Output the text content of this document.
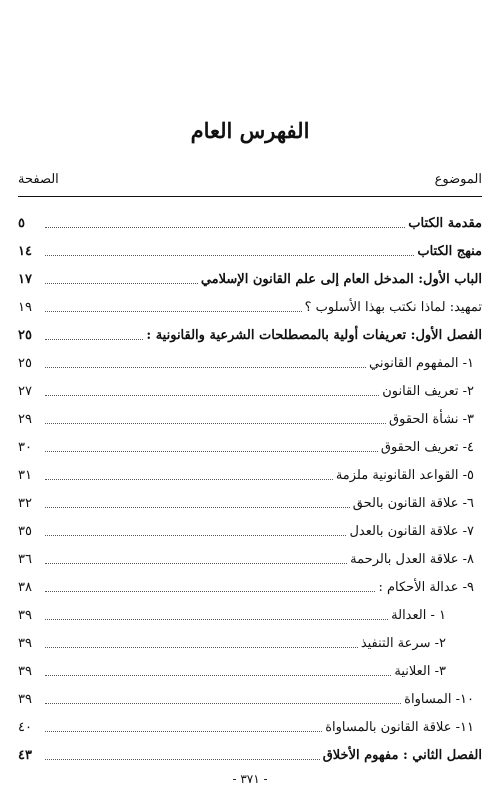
الفهرس العام
الموضوع
الصفحة
مقدمة الكتاب
٥
منهج الكتاب
١٤
الباب الأول: المدخل العام إلى علم القانون الإسلامي
١٧
تمهيد: لماذا نكتب بهذا الأسلوب ؟
١٩
الفصل الأول: تعريفات أولية بالمصطلحات الشرعية والقانونية :
٢٥
١- المفهوم القانوني
٢٥
٢- تعريف القانون
٢٧
٣- نشأة الحقوق
٢٩
٤- تعريف الحقوق
٣٠
٥- القواعد القانونية ملزمة
٣١
٦- علاقة القانون بالحق
٣٢
٧- علاقة القانون بالعدل
٣٥
٨- علاقة العدل بالرحمة
٣٦
٩- عدالة الأحكام :
٣٨
١ - العدالة
٣٩
٢- سرعة التنفيذ
٣٩
٣- العلانية
٣٩
١٠- المساواة
٣٩
١١- علاقة القانون بالمساواة
٤٠
الفصل الثاني : مفهوم الأخلاق
٤٣
- ٣٧١ -
